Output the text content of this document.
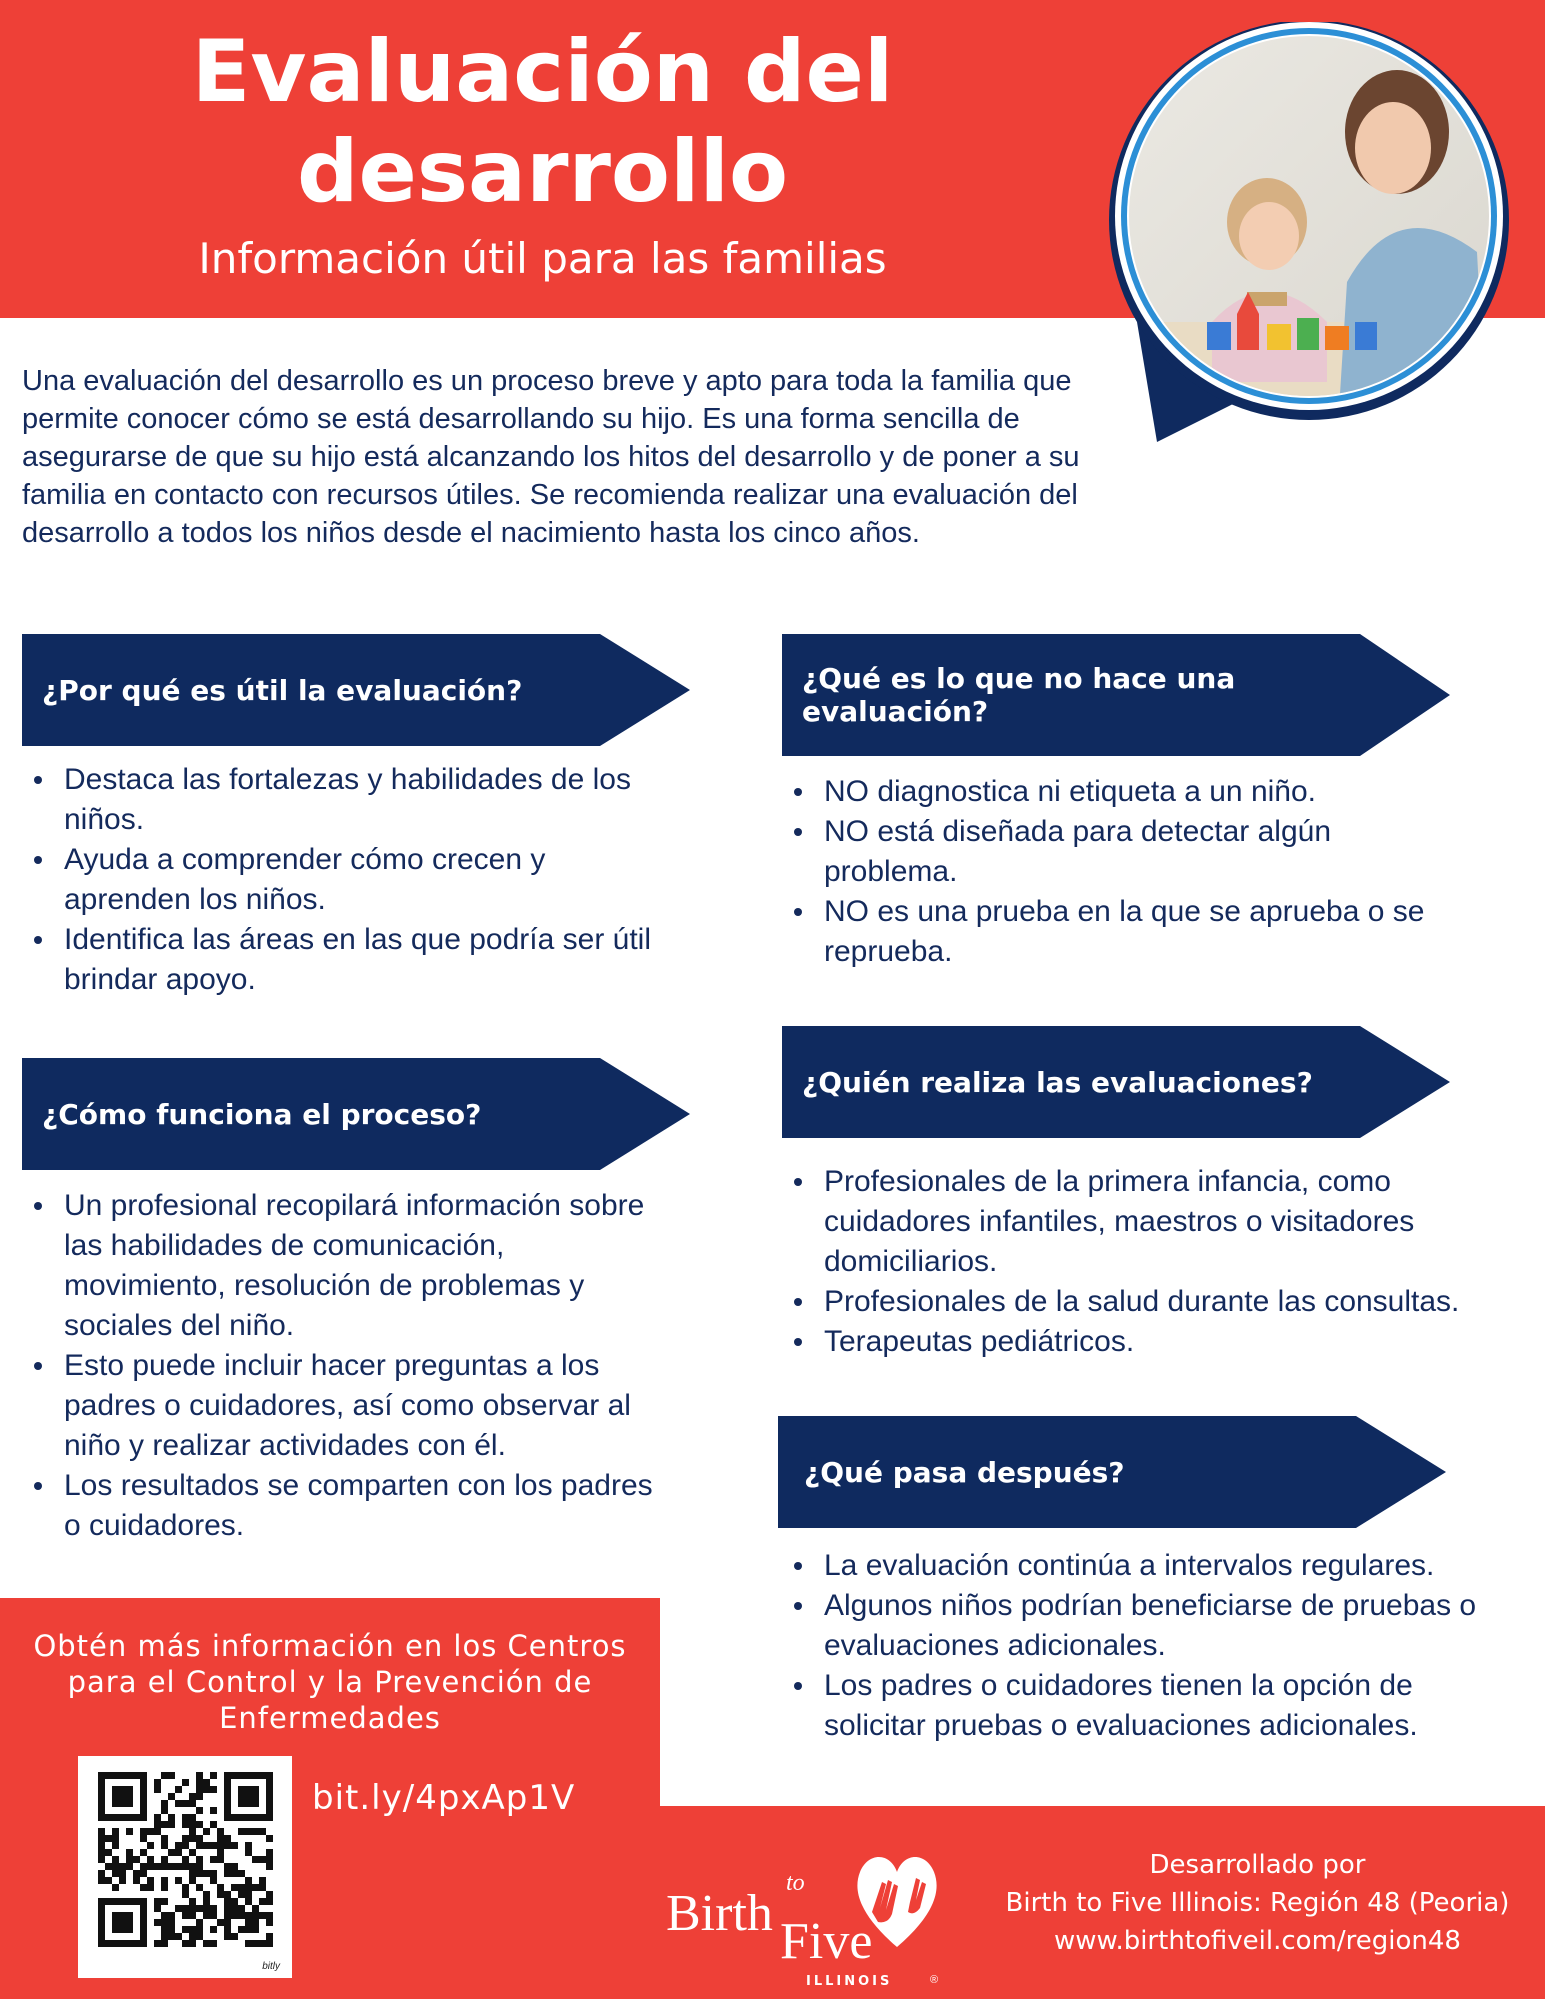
Evaluación del desarrollo

Información útil para las familias

Una evaluación del desarrollo es un proceso breve y apto para toda la familia que permite conocer cómo se está desarrollando su hijo. Es una forma sencilla de asegurarse de que su hijo está alcanzando los hitos del desarrollo y de poner a su familia en contacto con recursos útiles. Se recomienda realizar una evaluación del desarrollo a todos los niños desde el nacimiento hasta los cinco años.

¿Por qué es útil la evaluación?
Destaca las fortalezas y habilidades de los niños.
Ayuda a comprender cómo crecen y aprenden los niños.
Identifica las áreas en las que podría ser útil brindar apoyo.
¿Qué es lo que no hace una evaluación?
NO diagnostica ni etiqueta a un niño.
NO está diseñada para detectar algún problema.
NO es una prueba en la que se aprueba o se reprueba.
¿Cómo funciona el proceso?
Un profesional recopilará información sobre las habilidades de comunicación, movimiento, resolución de problemas y sociales del niño.
Esto puede incluir hacer preguntas a los padres o cuidadores, así como observar al niño y realizar actividades con él.
Los resultados se comparten con los padres o cuidadores.
¿Quién realiza las evaluaciones?
Profesionales de la primera infancia, como cuidadores infantiles, maestros o visitadores domiciliarios.
Profesionales de la salud durante las consultas.
Terapeutas pediátricos.
¿Qué pasa después?
La evaluación continúa a intervalos regulares.
Algunos niños podrían beneficiarse de pruebas o evaluaciones adicionales.
Los padres o cuidadores tienen la opción de solicitar pruebas o evaluaciones adicionales.

Obtén más información en los Centros para el Control y la Prevención de Enfermedades

bitly
bit.ly/4pxAp1V
Birth
to
Five
ILLINOIS	®
Desarrollado por
Birth to Five Illinois: Región 48 (Peoria)
www.birthtofiveil.com/region48
